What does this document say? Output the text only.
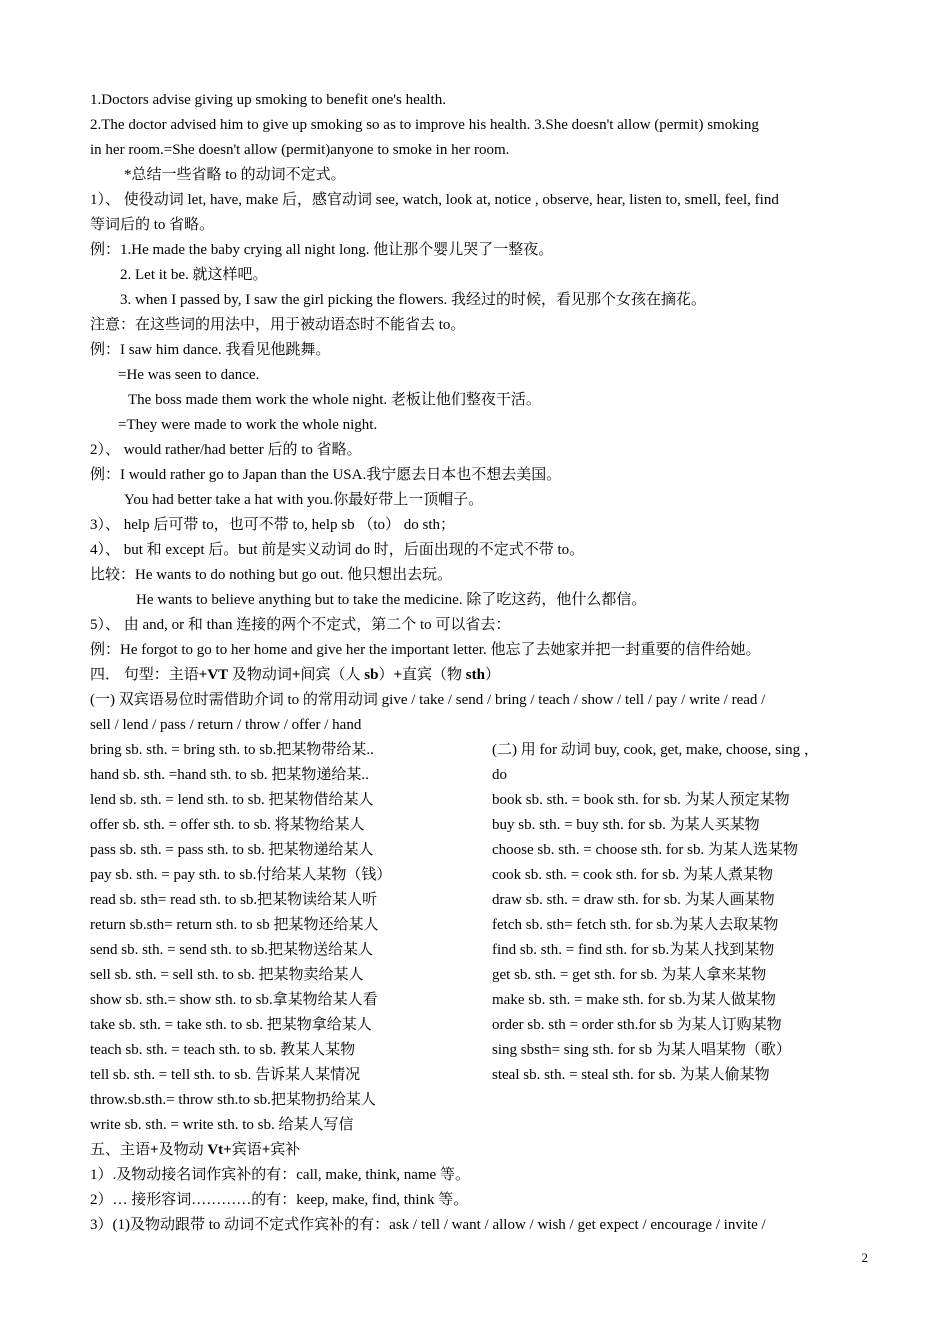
1.Doctors advise giving up smoking to benefit one's health.
2.The doctor advised him to give up smoking so as to improve his health. 3.She doesn't allow (permit) smoking
in her room.=She doesn't allow (permit)anyone to smoke in her room.
*总结一些省略 to 的动词不定式。
1）、 使役动词 let, have, make 后，感官动词 see, watch, look at, notice , observe, hear, listen to, smell, feel, find
等词后的 to 省略。
例：1.He made the baby crying all night long. 他让那个婴儿哭了一整夜。
2. Let it be. 就这样吧。
3. when I passed by, I saw the girl picking the flowers. 我经过的时候，看见那个女孩在摘花。
注意：在这些词的用法中，用于被动语态时不能省去 to。
例：I saw him dance. 我看见他跳舞。
=He was seen to dance.
The boss made them work the whole night. 老板让他们整夜干活。
=They were made to work the whole night.
2）、 would rather/had better 后的 to 省略。
例：I would rather go to Japan than the USA.我宁愿去日本也不想去美国。
You had better take a hat with you.你最好带上一顶帽子。
3）、 help 后可带 to，也可不带 to, help sb （to） do sth；
4）、 but 和 except 后。but 前是实义动词 do 时，后面出现的不定式不带 to。
比较：He wants to do nothing but go out. 他只想出去玩。
He wants to believe anything but to take the medicine. 除了吃这药，他什么都信。
5）、 由 and, or 和 than 连接的两个不定式，第二个 to 可以省去：
例：He forgot to go to her home and give her the important letter. 他忘了去她家并把一封重要的信件给她。
四． 句型：主语+VT 及物动词+间宾（人 sb）+直宾（物 sth）
(一) 双宾语易位时需借助介词 to 的常用动词 give / take / send / bring / teach / show / tell / pay / write / read /
sell / lend / pass / return / throw / offer / hand
bring sb. sth. = bring sth. to sb.把某物带给某..
hand sb. sth. =hand sth. to sb. 把某物递给某..
lend sb. sth. = lend sth. to sb. 把某物借给某人
offer sb. sth. = offer sth. to sb. 将某物给某人
pass sb. sth. = pass sth. to sb. 把某物递给某人
pay sb. sth. = pay sth. to sb.付给某人某物（钱）
read sb. sth= read sth. to sb.把某物读给某人听
return sb.sth= return sth. to sb 把某物还给某人
send sb. sth. = send sth. to sb.把某物送给某人
sell sb. sth. = sell sth. to sb. 把某物卖给某人
show sb. sth.= show sth. to sb.拿某物给某人看
take sb. sth. = take sth. to sb. 把某物拿给某人
teach sb. sth. = teach sth. to sb. 教某人某物
tell sb. sth. = tell sth. to sb. 告诉某人某情况
throw.sb.sth.= throw sth.to sb.把某物扔给某人
write sb. sth. = write sth. to sb. 给某人写信
(二) 用 for 动词 buy, cook, get, make, choose, sing ，
do
book sb. sth. = book sth. for sb. 为某人预定某物
buy sb. sth. = buy sth. for sb. 为某人买某物
choose sb. sth. = choose sth. for sb. 为某人选某物
cook sb. sth. = cook sth. for sb. 为某人煮某物
draw sb. sth. = draw sth. for sb. 为某人画某物
fetch sb. sth= fetch sth. for sb.为某人去取某物
find sb. sth. = find sth. for sb.为某人找到某物
get sb. sth. = get sth. for sb. 为某人拿来某物
make sb. sth. = make sth. for sb.为某人做某物
order sb. sth = order sth.for sb 为某人订购某物
sing sbsth= sing sth. for sb 为某人唱某物（歌）
steal sb. sth. = steal sth. for sb. 为某人偷某物
五、主语+及物动 Vt+宾语+宾补
1）.及物动接名词作宾补的有：call, make, think, name 等。
2）… 接形容词…………的有：keep, make, find, think 等。
3）(1)及物动跟带 to 动词不定式作宾补的有：ask / tell / want / allow / wish / get expect / encourage / invite /
2
